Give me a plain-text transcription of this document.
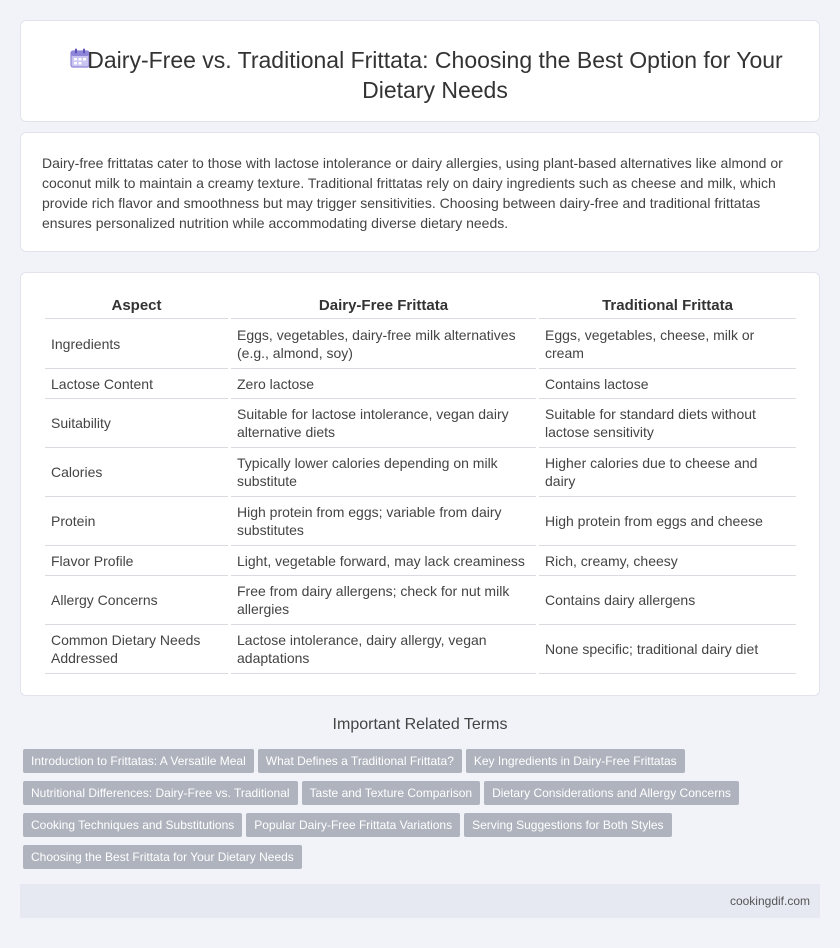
Dairy-Free vs. Traditional Frittata: Choosing the Best Option for Your Dietary Needs

Dairy-free frittatas cater to those with lactose intolerance or dairy allergies, using plant-based alternatives like almond or coconut milk to maintain a creamy texture. Traditional frittatas rely on dairy ingredients such as cheese and milk, which provide rich flavor and smoothness but may trigger sensitivities. Choosing between dairy-free and traditional frittatas ensures personalized nutrition while accommodating diverse dietary needs.

Aspect	Dairy-Free Frittata	Traditional Frittata
Ingredients	Eggs, vegetables, dairy-free milk alternatives (e.g., almond, soy)	Eggs, vegetables, cheese, milk or cream
Lactose Content	Zero lactose	Contains lactose
Suitability	Suitable for lactose intolerance, vegan dairy alternative diets	Suitable for standard diets without lactose sensitivity
Calories	Typically lower calories depending on milk substitute	Higher calories due to cheese and dairy
Protein	High protein from eggs; variable from dairy substitutes	High protein from eggs and cheese
Flavor Profile	Light, vegetable forward, may lack creaminess	Rich, creamy, cheesy
Allergy Concerns	Free from dairy allergens; check for nut milk allergies	Contains dairy allergens
Common Dietary Needs Addressed	Lactose intolerance, dairy allergy, vegan adaptations	None specific; traditional dairy diet
Important Related Terms
Introduction to Frittatas: A Versatile Meal What Defines a Traditional Frittata? Key Ingredients in Dairy-Free Frittatas
Nutritional Differences: Dairy-Free vs. Traditional Taste and Texture Comparison Dietary Considerations and Allergy Concerns
Cooking Techniques and Substitutions Popular Dairy-Free Frittata Variations Serving Suggestions for Both Styles
Choosing the Best Frittata for Your Dietary Needs
cookingdif.com
